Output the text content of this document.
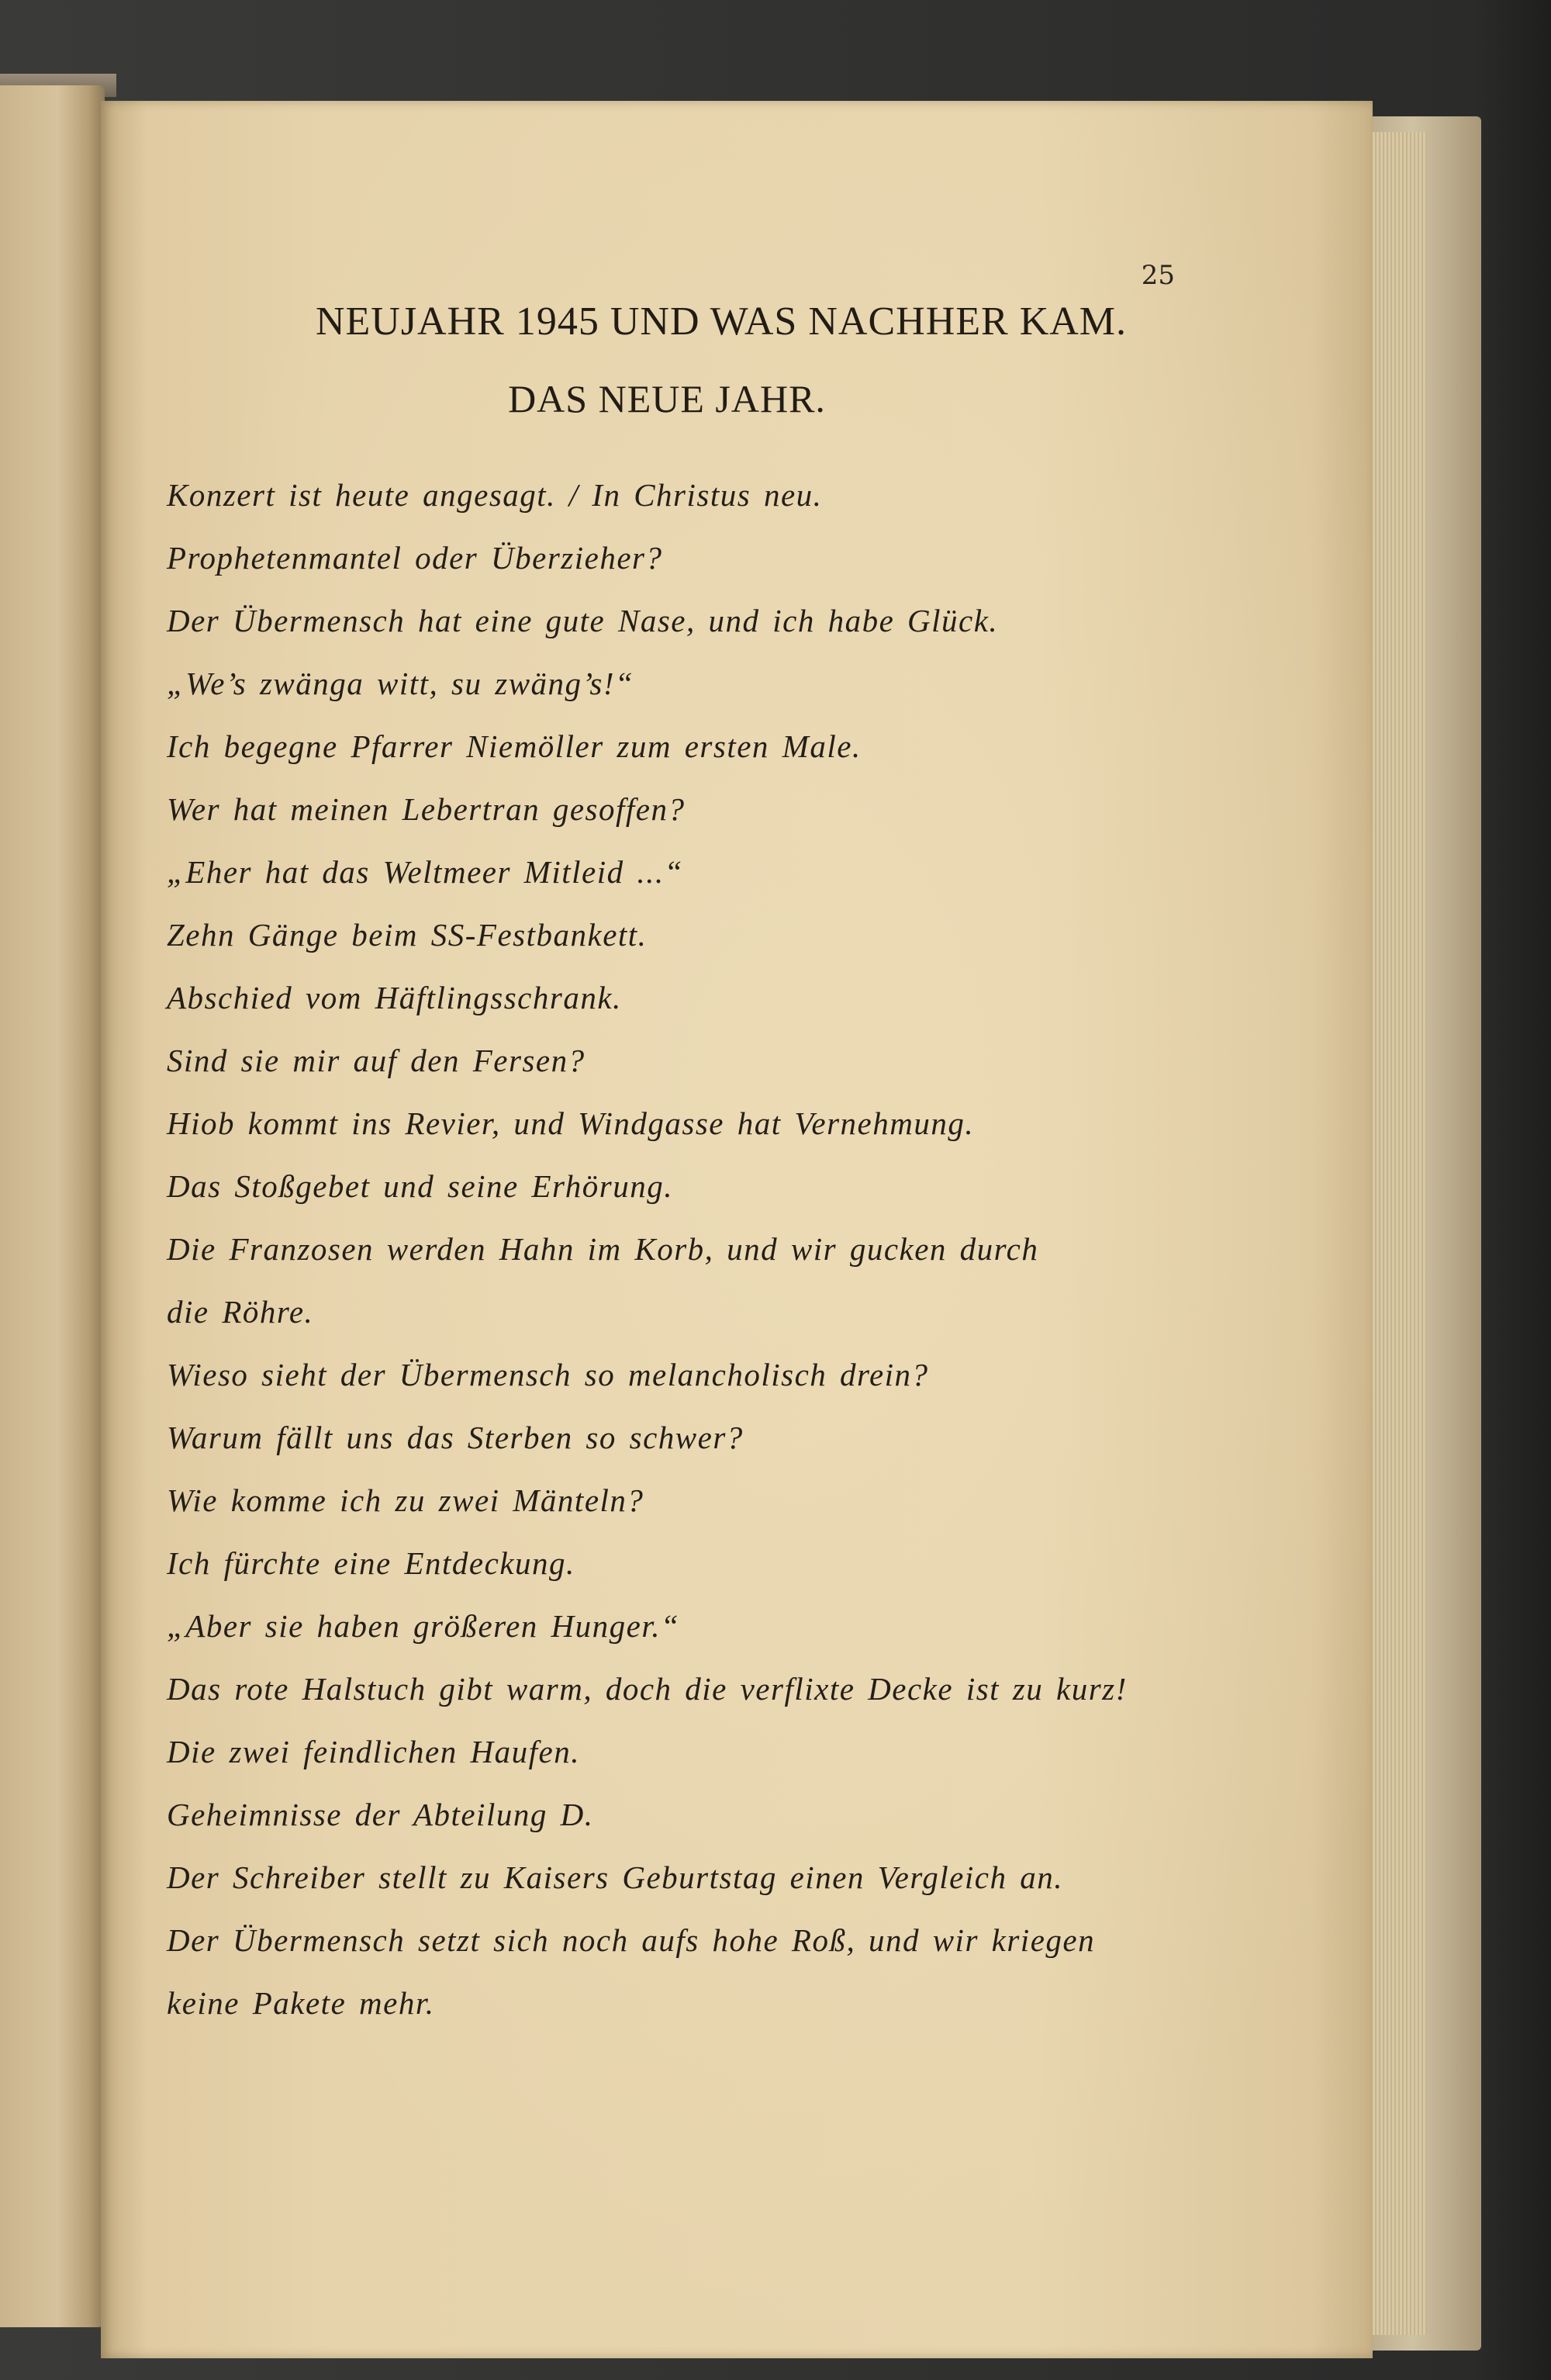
25

NEUJAHR 1945 UND WAS NACHHER KAM.
DAS NEUE JAHR.
Konzert ist heute angesagt. / In Christus neu.
Prophetenmantel oder Überzieher?
Der Übermensch hat eine gute Nase, und ich habe Glück.
„We’s zwänga witt, su zwäng’s!“
Ich begegne Pfarrer Niemöller zum ersten Male.
Wer hat meinen Lebertran gesoffen?
„Eher hat das Weltmeer Mitleid ...“
Zehn Gänge beim SS-Festbankett.
Abschied vom Häftlingsschrank.
Sind sie mir auf den Fersen?
Hiob kommt ins Revier, und Windgasse hat Vernehmung.
Das Stoßgebet und seine Erhörung.
Die Franzosen werden Hahn im Korb, und wir gucken durch
die Röhre.
Wieso sieht der Übermensch so melancholisch drein?
Warum fällt uns das Sterben so schwer?
Wie komme ich zu zwei Mänteln?
Ich fürchte eine Entdeckung.
„Aber sie haben größeren Hunger.“
Das rote Halstuch gibt warm, doch die verflixte Decke ist zu kurz!
Die zwei feindlichen Haufen.
Geheimnisse der Abteilung D.
Der Schreiber stellt zu Kaisers Geburtstag einen Vergleich an.
Der Übermensch setzt sich noch aufs hohe Roß, und wir kriegen
keine Pakete mehr.
